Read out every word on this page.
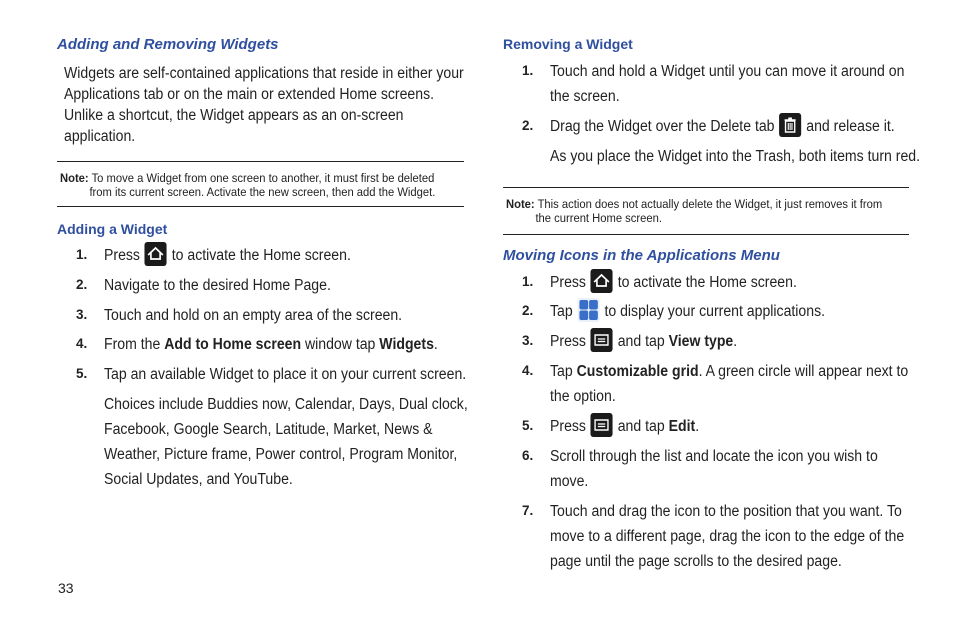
Adding and Removing Widgets
Widgets are self-contained applications that reside in either your Applications tab or on the main or extended Home screens. Unlike a shortcut, the Widget appears as an on-screen application.
Note: To move a Widget from one screen to another, it must first be deleted
from its current screen. Activate the new screen, then add the Widget.
Adding a Widget
1.	Press to activate the Home screen.
2.	Navigate to the desired Home Page.
3.	Touch and hold on an empty area of the screen.
4.	From the Add to Home screen window tap Widgets.
5.	Tap an available Widget to place it on your current screen.
Choices include Buddies now, Calendar, Days, Dual clock,
Facebook, Google Search, Latitude, Market, News &
Weather, Picture frame, Power control, Program Monitor,
Social Updates, and YouTube.
Removing a Widget
1.	Touch and hold a Widget until you can move it around on
the screen.
2.	Drag the Widget over the Delete tab and release it.
As you place the Widget into the Trash, both items turn red.
Note: This action does not actually delete the Widget, it just removes it from
the current Home screen.
Moving Icons in the Applications Menu
1.	Press to activate the Home screen.
2.	Tap to display your current applications.
3.	Press and tap View type.
4.	Tap Customizable grid. A green circle will appear next to
the option.
5.	Press and tap Edit.
6.	Scroll through the list and locate the icon you wish to
move.
7.	Touch and drag the icon to the position that you want. To
move to a different page, drag the icon to the edge of the
page until the page scrolls to the desired page.
33
